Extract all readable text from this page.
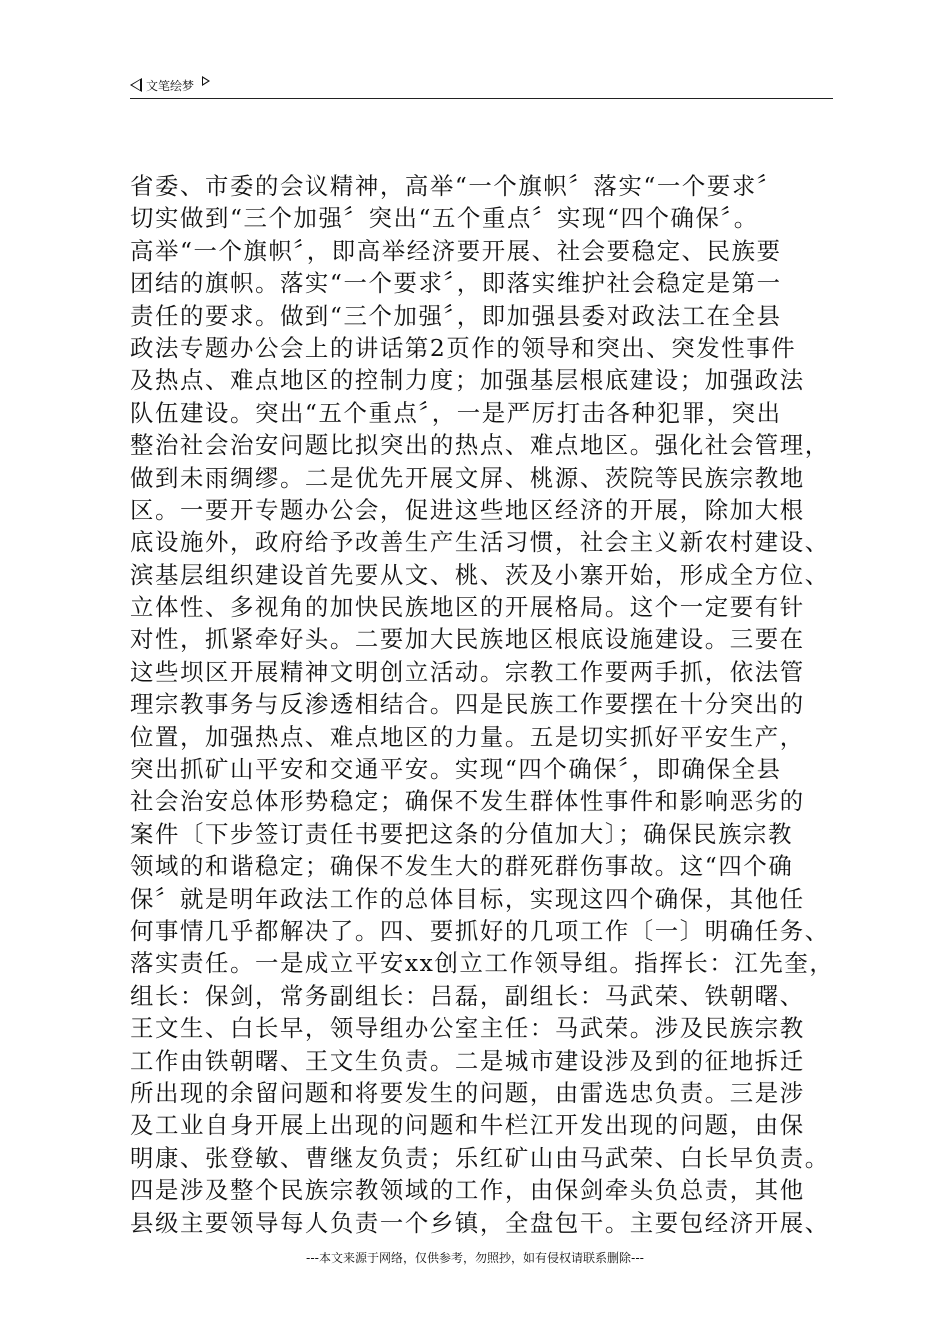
文笔绘梦
省委、市委的会议精神，高举“一个旗帜〞落实“一个要求〞
切实做到“三个加强〞突出“五个重点〞实现“四个确保〞。
高举“一个旗帜〞，即高举经济要开展、社会要稳定、民族要
团结的旗帜。落实“一个要求〞，即落实维护社会稳定是第一
责任的要求。做到“三个加强〞，即加强县委对政法工在全县
政法专题办公会上的讲话第2页作的领导和突出、突发性事件
及热点、难点地区的控制力度；加强基层根底建设；加强政法
队伍建设。突出“五个重点〞，一是严厉打击各种犯罪，突出
整治社会治安问题比拟突出的热点、难点地区。强化社会管理，
做到未雨绸缪。二是优先开展文屏、桃源、茨院等民族宗教地
区。一要开专题办公会，促进这些地区经济的开展，除加大根
底设施外，政府给予改善生产生活习惯，社会主义新农村建设、
滨基层组织建设首先要从文、桃、茨及小寨开始，形成全方位、
立体性、多视角的加快民族地区的开展格局。这个一定要有针
对性，抓紧牵好头。二要加大民族地区根底设施建设。三要在
这些坝区开展精神文明创立活动。宗教工作要两手抓，依法管
理宗教事务与反渗透相结合。四是民族工作要摆在十分突出的
位置，加强热点、难点地区的力量。五是切实抓好平安生产，
突出抓矿山平安和交通平安。实现“四个确保〞，即确保全县
社会治安总体形势稳定；确保不发生群体性事件和影响恶劣的
案件〔下步签订责任书要把这条的分值加大〕；确保民族宗教
领域的和谐稳定；确保不发生大的群死群伤事故。这“四个确
保〞就是明年政法工作的总体目标，实现这四个确保，其他任
何事情几乎都解决了。四、要抓好的几项工作〔一〕明确任务、
落实责任。一是成立平安xx创立工作领导组。指挥长：江先奎，
组长：保剑，常务副组长：吕磊，副组长：马武荣、铁朝曙、
王文生、白长早，领导组办公室主任：马武荣。涉及民族宗教
工作由铁朝曙、王文生负责。二是城市建设涉及到的征地拆迁
所出现的余留问题和将要发生的问题，由雷选忠负责。三是涉
及工业自身开展上出现的问题和牛栏江开发出现的问题，由保
明康、张登敏、曹继友负责；乐红矿山由马武荣、白长早负责。
四是涉及整个民族宗教领域的工作，由保剑牵头负总责，其他
县级主要领导每人负责一个乡镇，全盘包干。主要包经济开展、
---本文来源于网络，仅供参考，勿照抄，如有侵权请联系删除---
